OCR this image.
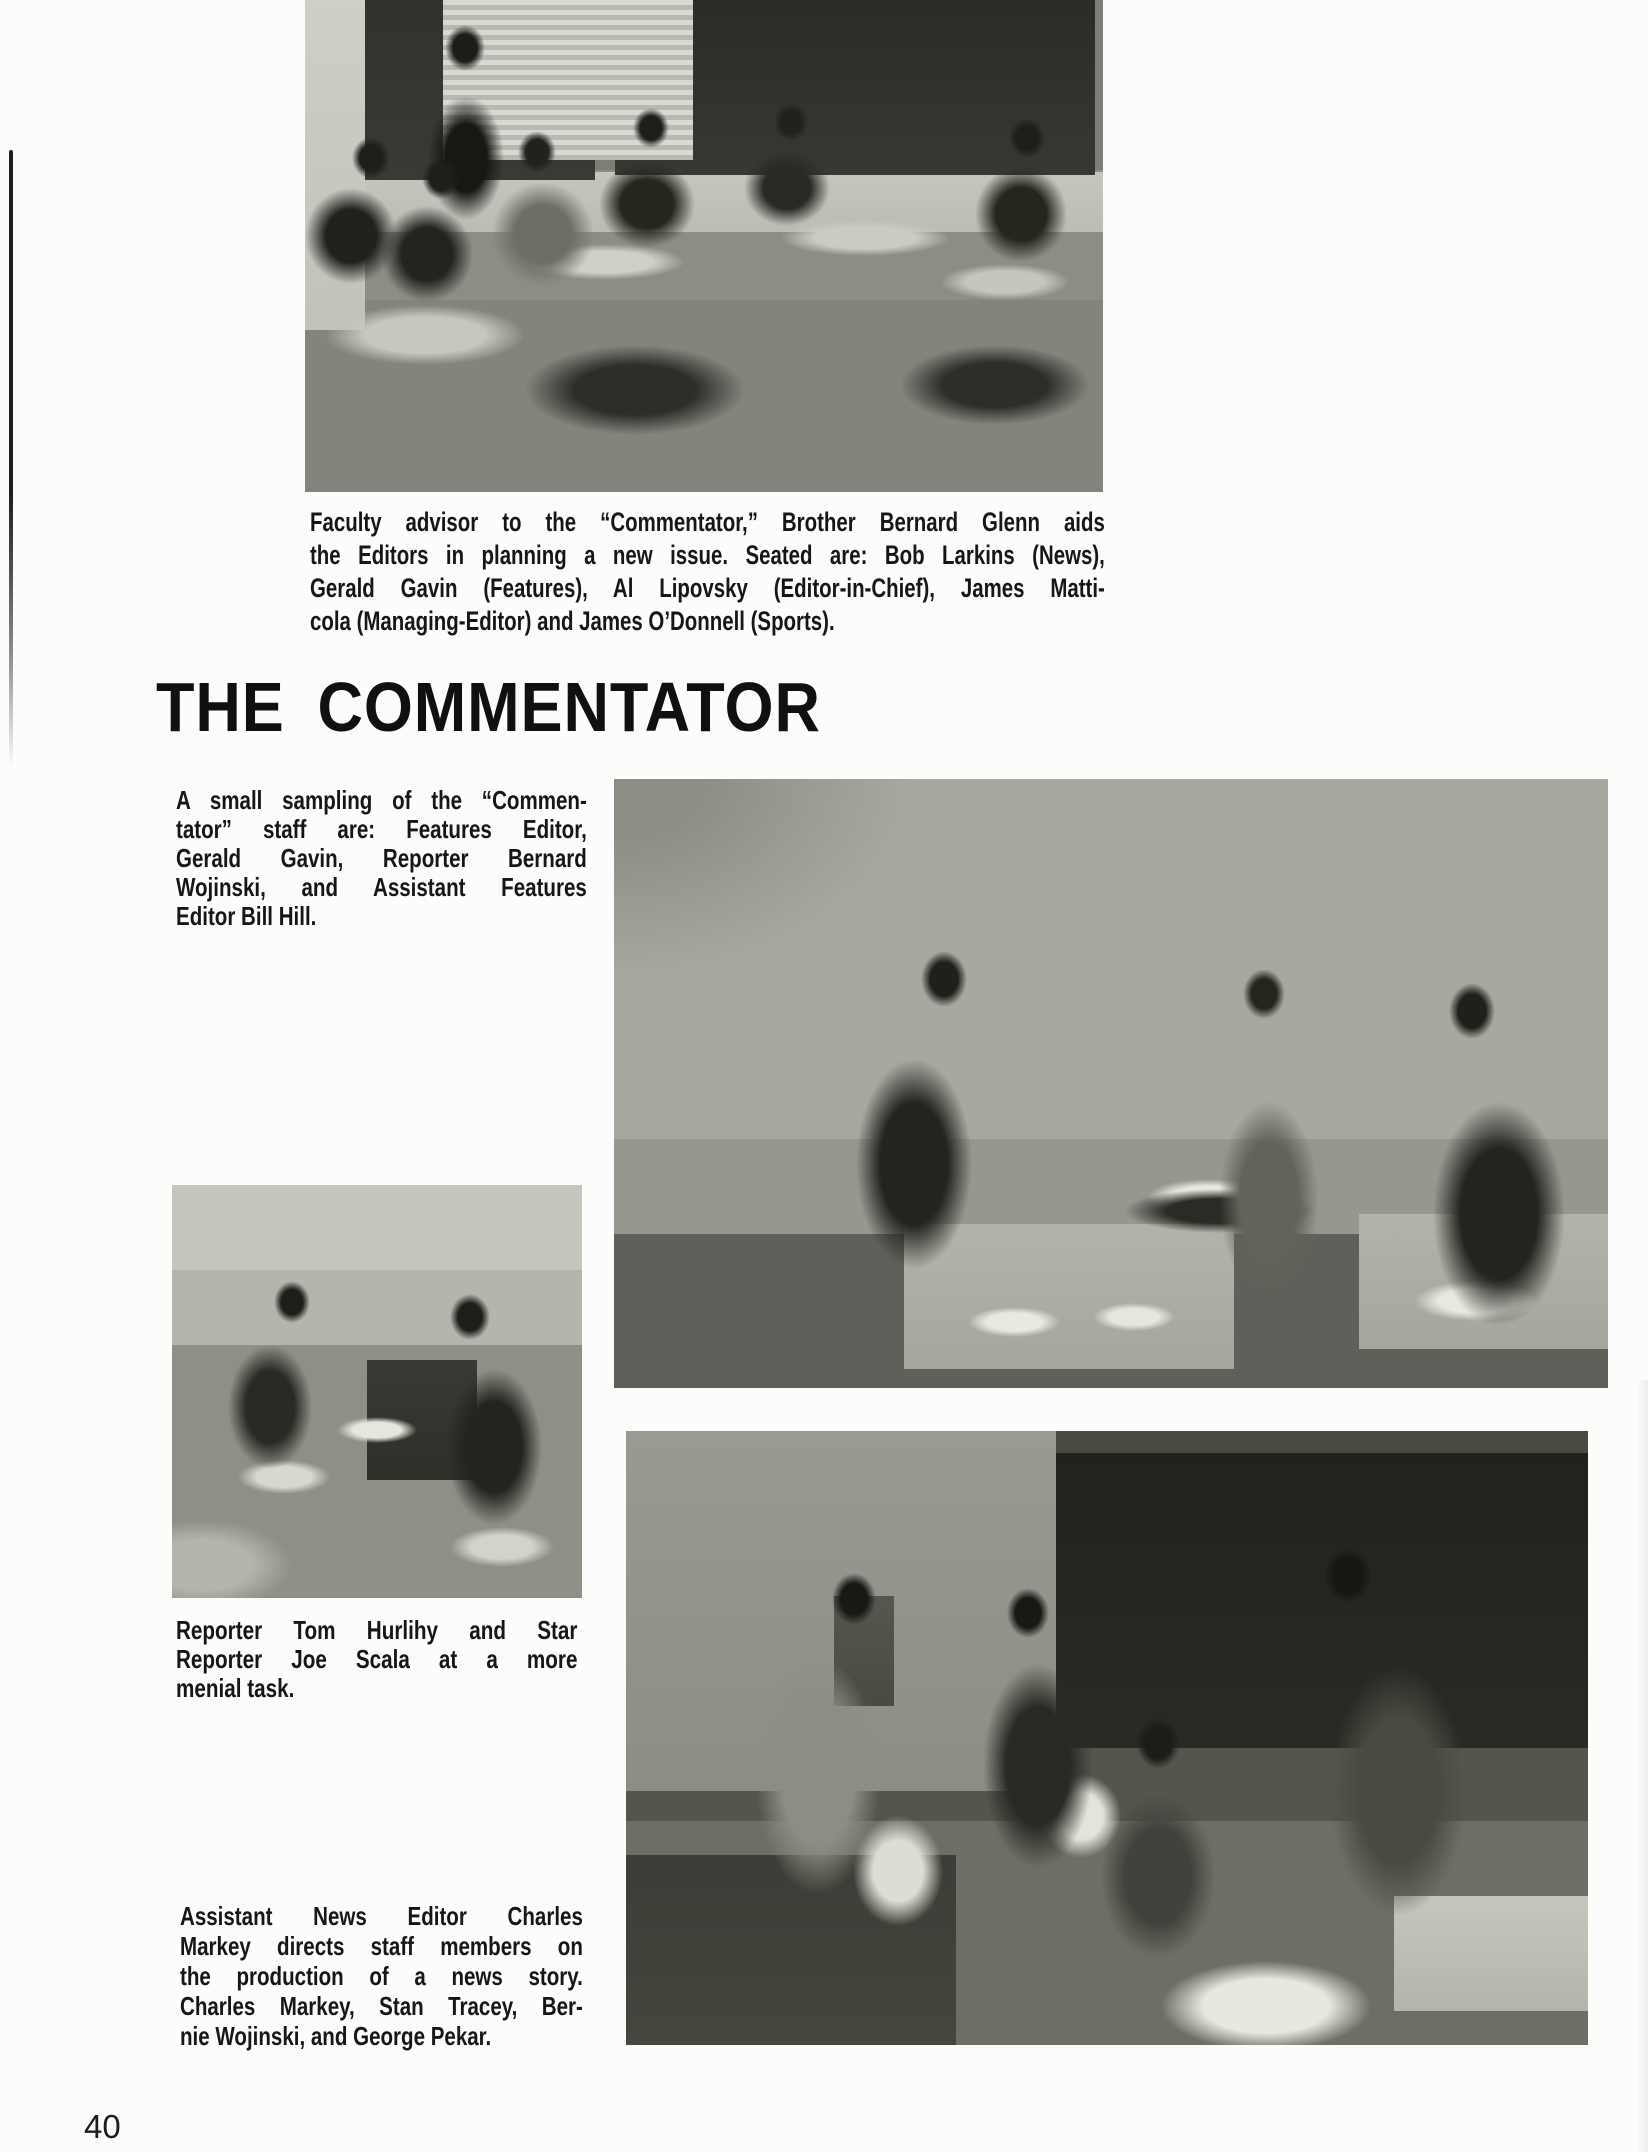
Faculty advisor to the “Commentator,” Brother Bernard Glenn aids
the Editors in planning a new issue. Seated are: Bob Larkins (News),
Gerald Gavin (Features), Al Lipovsky (Editor-in-Chief), James Matti-
cola (Managing-Editor) and James O’Donnell (Sports).
THE COMMENTATOR
A small sampling of the “Commen-
tator” staff are: Features Editor,
Gerald Gavin, Reporter Bernard
Wojinski, and Assistant Features
Editor Bill Hill.
Reporter Tom Hurlihy and Star
Reporter Joe Scala at a more
menial task.
Assistant News Editor Charles
Markey directs staff members on
the production of a news story.
Charles Markey, Stan Tracey, Ber-
nie Wojinski, and George Pekar.
40
